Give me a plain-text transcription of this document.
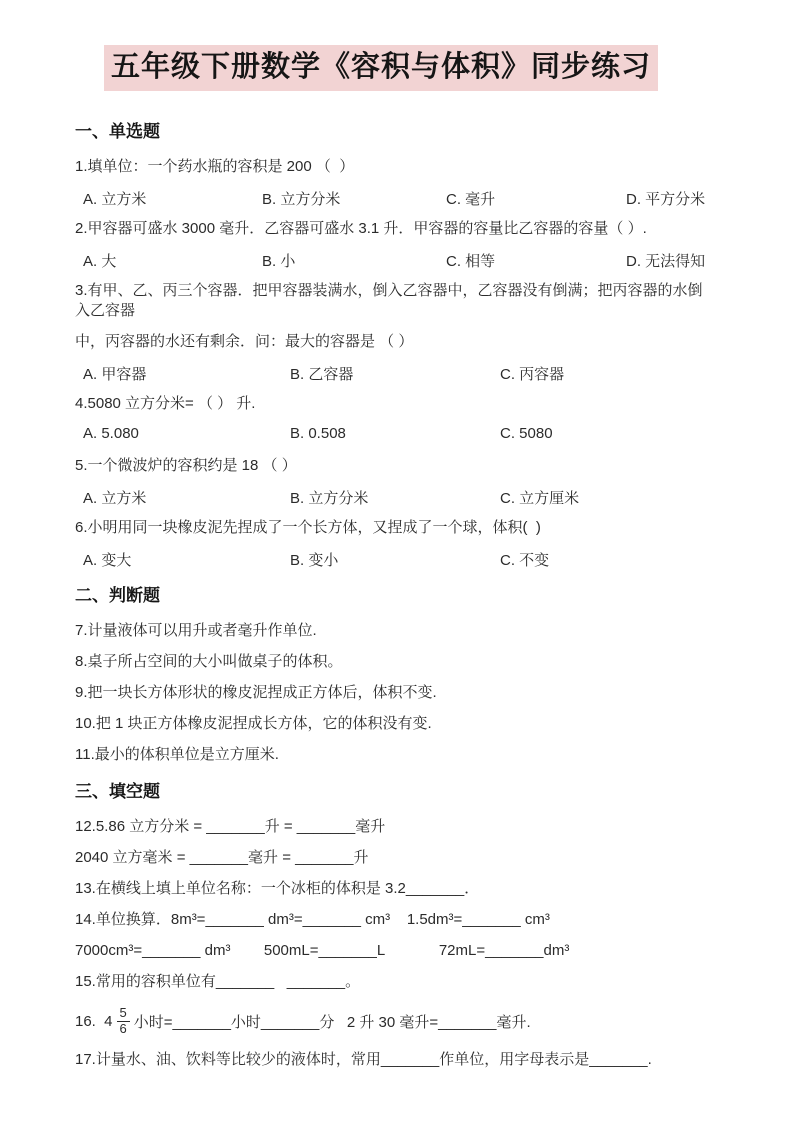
五年级下册数学《容积与体积》同步练习
一、单选题
1.填单位：一个药水瓶的容积是 200 （  ）
A. 立方米	B. 立方分米	C. 毫升	D. 平方分米
2.甲容器可盛水 3000 毫升．乙容器可盛水 3.1 升．甲容器的容量比乙容器的容量（ ）.
A. 大	B. 小	C. 相等	D. 无法得知
3.有甲、乙、丙三个容器．把甲容器装满水，倒入乙容器中，乙容器没有倒满；把丙容器的水倒入乙容器
中，丙容器的水还有剩余．问：最大的容器是 （ ）
A. 甲容器	B. 乙容器	C. 丙容器
4.5080 立方分米= （ ） 升.
A. 5.080	B. 0.508	C. 5080
5.一个微波炉的容积约是 18 （ ）
A. 立方米	B. 立方分米	C. 立方厘米
6.小明用同一块橡皮泥先捏成了一个长方体，又捏成了一个球，体积(  )
A. 变大	B. 变小	C. 不变
二、判断题
7.计量液体可以用升或者毫升作单位.
8.桌子所占空间的大小叫做桌子的体积。
9.把一块长方体形状的橡皮泥捏成正方体后，体积不变.
10.把 1 块正方体橡皮泥捏成长方体，它的体积没有变.
11.最小的体积单位是立方厘米.
三、填空题
12.5.86 立方分米 = _______升 = _______毫升
2040 立方毫米 = _______毫升 = _______升
13.在横线上填上单位名称：一个冰柜的体积是 3.2_______．
14.单位换算．8m³=_______ dm³=_______ cm³    1.5dm³=_______ cm³
7000cm³=_______ dm³        500mL=_______L             72mL=_______dm³
15.常用的容积单位有_______   _______。
16.  $4 \frac{5}{6}$ 小时=_______小时_______分   2 升 30 毫升=_______毫升.
17.计量水、油、饮料等比较少的液体时，常用_______作单位，用字母表示是_______.
